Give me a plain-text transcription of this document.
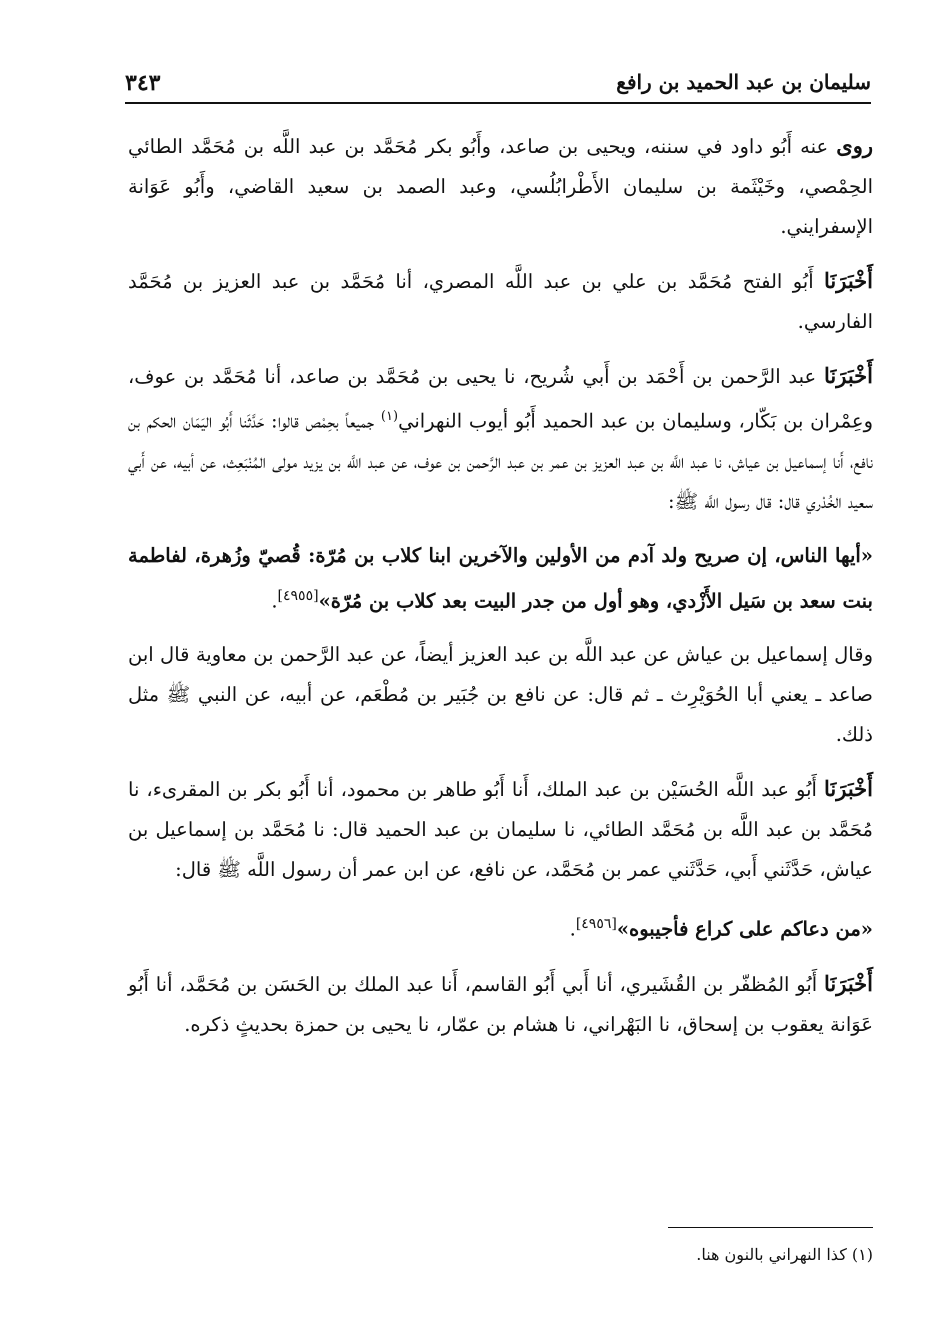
سليمان بن عبد الحميد بن رافع
٣٤٣

روى عنه أَبُو داود في سننه، ويحيى بن صاعد، وأَبُو بكر مُحَمَّد بن عبد اللَّه بن مُحَمَّد الطائي الحِمْصي، وخَيْثَمة بن سليمان الأَطْرابُلُسي، وعبد الصمد بن سعيد القاضي، وأَبُو عَوَانة الإسفرايني.

أَخْبَرَنَا أَبُو الفتح مُحَمَّد بن علي بن عبد اللَّه المصري، أنا مُحَمَّد بن عبد العزيز بن مُحَمَّد الفارسي.

أَخْبَرَنَا عبد الرَّحمن بن أَحْمَد بن أَبي شُريح، نا يحيى بن مُحَمَّد بن صاعد، أنا مُحَمَّد بن عوف، وعِمْران بن بَكّار، وسليمان بن عبد الحميد أَبُو أيوب النهراني$^{(١)}$ جميعاً بحِمْص قالوا: حَدَّثَنا أَبُو اليَمَان الحكم بن نافع، أَنا إسماعيل بن عياش، نا عبد اللَّه بن عبد العزيز بن عمر بن عبد الرَّحمن بن عوف، عن عبد اللَّه بن يزيد مولى المُنْبَعِث، عن أبيه، عن أَبي سعيد الخُدْري قال: قال رسول اللَّه ﷺ:

«أيها الناس، إن صريح ولد آدم من الأولين والآخرين ابنا كلاب بن مُرّة: قُصيّ وزُهرة، لفاطمة بنت سعد بن سَيل الأَزْدي، وهو أول من جدر البيت بعد كلاب بن مُرّة»[٤٩٥٥].

وقال إسماعيل بن عياش عن عبد اللَّه بن عبد العزيز أيضاً، عن عبد الرَّحمن بن معاوية قال ابن صاعد ـ يعني أبا الحُوَيْرِث ـ ثم قال: عن نافع بن جُبَير بن مُطْعَم، عن أبيه، عن النبي ﷺ مثل ذلك.

أَخْبَرَنَا أَبُو عبد اللَّه الحُسَيْن بن عبد الملك، أَنا أَبُو طاهر بن محمود، أنا أَبُو بكر بن المقرىء، نا مُحَمَّد بن عبد اللَّه بن مُحَمَّد الطائي، نا سليمان بن عبد الحميد قال: نا مُحَمَّد بن إسماعيل بن عياش، حَدَّثَني أَبي، حَدَّثَني عمر بن مُحَمَّد، عن نافع، عن ابن عمر أن رسول اللَّه ﷺ قال:

«من دعاكم على كراع فأجيبوه»[٤٩٥٦].

أَخْبَرَنَا أَبُو المُظفّر بن القُشَيري، أنا أَبي أَبُو القاسم، أَنا عبد الملك بن الحَسَن بن مُحَمَّد، أنا أَبُو عَوَانة يعقوب بن إسحاق، نا البَهْراني، نا هشام بن عمّار، نا يحيى بن حمزة بحديثٍ ذكره.

(١) كذا النهراني بالنون هنا.
